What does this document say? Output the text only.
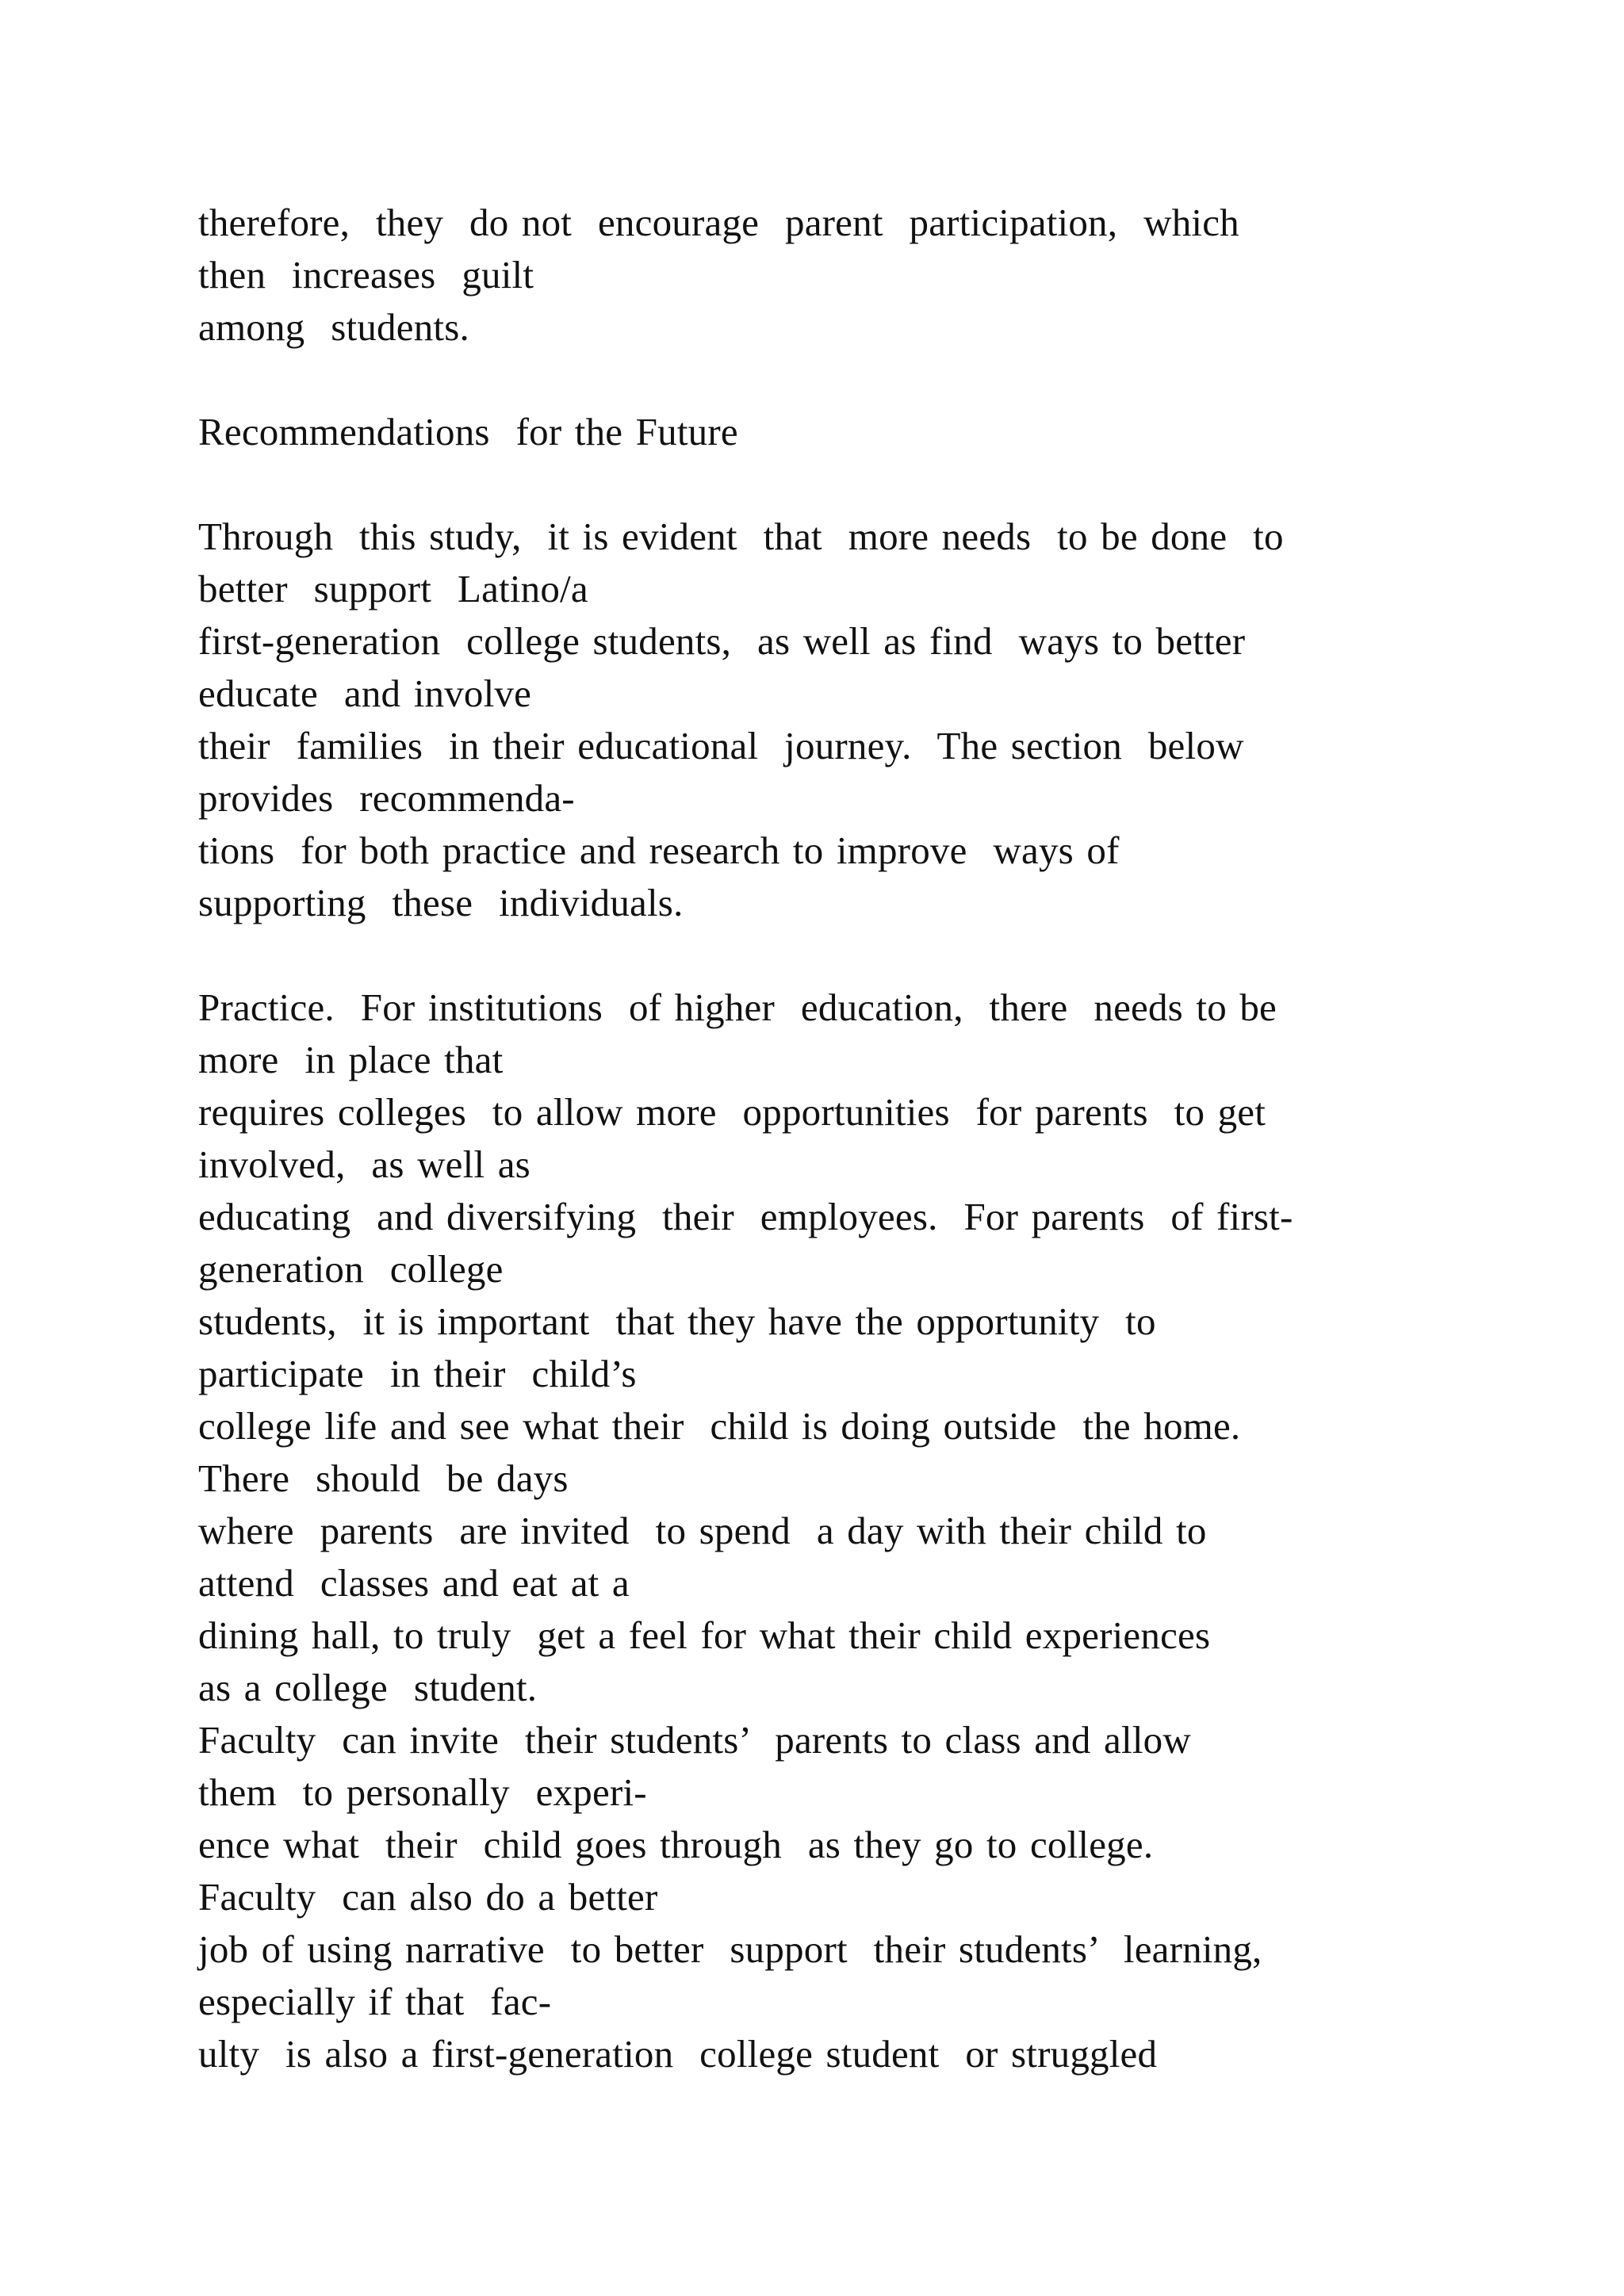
therefore,  they  do not  encourage  parent  participation,  which
then  increases  guilt
among  students.
Recommendations  for the Future
Through  this study,  it is evident  that  more needs  to be done  to
better  support  Latino/a
first-generation  college students,  as well as find  ways to better
educate  and involve
their  families  in their educational  journey.  The section  below
provides  recommenda-
tions  for both practice and research to improve  ways of
supporting  these  individuals.
Practice.  For institutions  of higher  education,  there  needs to be
more  in place that
requires colleges  to allow more  opportunities  for parents  to get
involved,  as well as
educating  and diversifying  their  employees.  For parents  of first-
generation  college
students,  it is important  that they have the opportunity  to
participate  in their  child’s
college life and see what their  child is doing outside  the home.
There  should  be days
where  parents  are invited  to spend  a day with their child to
attend  classes and eat at a
dining hall, to truly  get a feel for what their child experiences
as a college  student.
Faculty  can invite  their students’  parents to class and allow
them  to personally  experi-
ence what  their  child goes through  as they go to college.
Faculty  can also do a better
job of using narrative  to better  support  their students’  learning,
especially if that  fac-
ulty  is also a first-generation  college student  or struggled
